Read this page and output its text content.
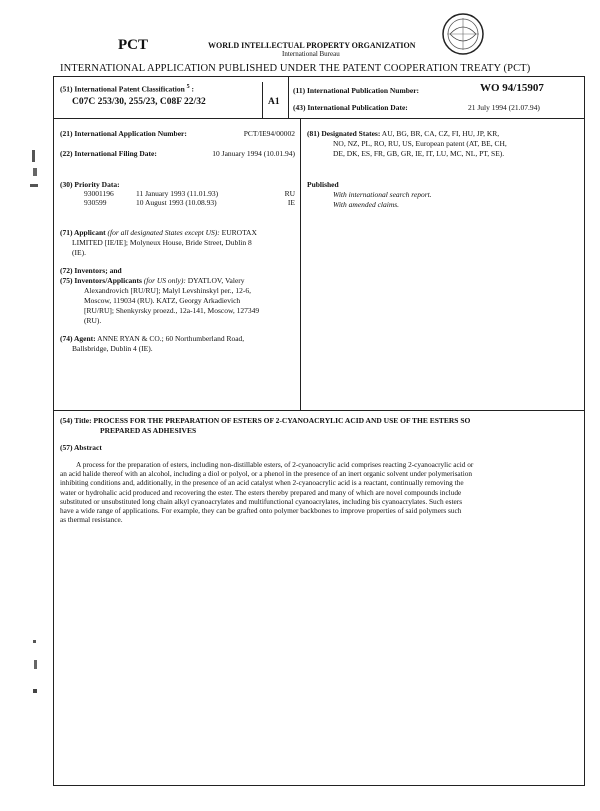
PCT	WORLD INTELLECTUAL PROPERTY ORGANIZATION
International Bureau
INTERNATIONAL APPLICATION PUBLISHED UNDER THE PATENT COOPERATION TREATY (PCT)
(51) International Patent Classification $^5$ :
C07C 253/30, 255/23, C08F 22/32	A1
(11) International Publication Number:	WO 94/15907
(43) International Publication Date:	21 July 1994 (21.07.94)
(21) International Application Number:	PCT/IE94/00002
(22) International Filing Date:	10 January 1994 (10.01.94)
(30) Priority Data:
93001196	11 January 1993 (11.01.93)	RU
930599	10 August 1993 (10.08.93)	IE
(71) Applicant (for all designated States except US): EUROTAX
LIMITED [IE/IE]; Molyneux House, Bride Street, Dublin 8
(IE).
(72) Inventors; and
(75) Inventors/Applicants (for US only): DYATLOV, Valery
Alexandrovich [RU/RU]; Malyl Levshinskyl per., 12-6,
Moscow, 119034 (RU). KATZ, Georgy Arkadievich
[RU/RU]; Shenkyrsky proezd., 12a-141, Moscow, 127349
(RU).
(74) Agent: ANNE RYAN & CO.; 60 Northumberland Road,
Ballsbridge, Dublin 4 (IE).
(81) Designated States: AU, BG, BR, CA, CZ, FI, HU, JP, KR,
NO, NZ, PL, RO, RU, US, European patent (AT, BE, CH,
DE, DK, ES, FR, GB, GR, IE, IT, LU, MC, NL, PT, SE).
Published
With international search report.
With amended claims.
(54) Title: PROCESS FOR THE PREPARATION OF ESTERS OF 2-CYANOACRYLIC ACID AND USE OF THE ESTERS SO
PREPARED AS ADHESIVES
(57) Abstract
A process for the preparation of esters, including non-distillable esters, of 2-cyanoacrylic acid comprises reacting 2-cyanoacrylic acid or
an acid halide thereof with an alcohol, including a diol or polyol, or a phenol in the presence of an inert organic solvent under polymerisation
inhibiting conditions and, additionally, in the presence of an acid catalyst when 2-cyanoacrylic acid is a reactant, continually removing the
water or hydrohalic acid produced and recovering the ester. The esters thereby prepared and many of which are novel compounds include
substituted or unsubstituted long chain alkyl cyanoacrylates and multifunctional cyanoacrylates, including bis cyanoacrylates. Such esters
have a wide range of applications. For example, they can be grafted onto polymer backbones to improve properties of said polymers such
as thermal resistance.
